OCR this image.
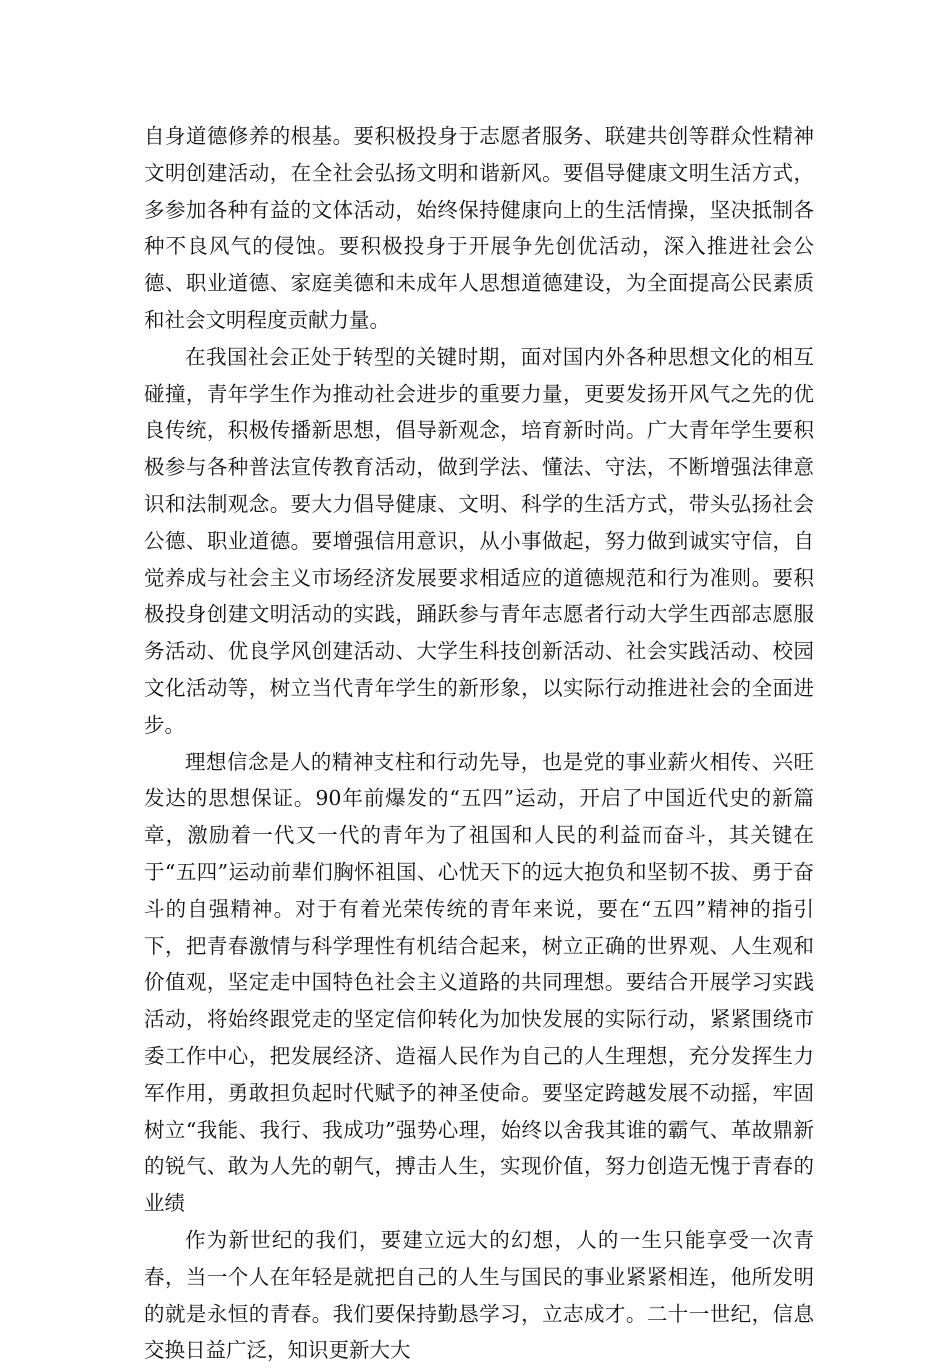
自身道德修养的根基。要积极投身于志愿者服务、联建共创等群众性精神文明创建活动，在全社会弘扬文明和谐新风。要倡导健康文明生活方式，多参加各种有益的文体活动，始终保持健康向上的生活情操，坚决抵制各种不良风气的侵蚀。要积极投身于开展争先创优活动，深入推进社会公德、职业道德、家庭美德和未成年人思想道德建设，为全面提高公民素质和社会文明程度贡献力量。

在我国社会正处于转型的关键时期，面对国内外各种思想文化的相互碰撞，青年学生作为推动社会进步的重要力量，更要发扬开风气之先的优良传统，积极传播新思想，倡导新观念，培育新时尚。广大青年学生要积极参与各种普法宣传教育活动，做到学法、懂法、守法，不断增强法律意识和法制观念。要大力倡导健康、文明、科学的生活方式，带头弘扬社会公德、职业道德。要增强信用意识，从小事做起，努力做到诚实守信，自觉养成与社会主义市场经济发展要求相适应的道德规范和行为准则。要积极投身创建文明活动的实践，踊跃参与青年志愿者行动大学生西部志愿服务活动、优良学风创建活动、大学生科技创新活动、社会实践活动、校园文化活动等，树立当代青年学生的新形象，以实际行动推进社会的全面进步。

理想信念是人的精神支柱和行动先导，也是党的事业薪火相传、兴旺发达的思想保证。90年前爆发的“五四”运动，开启了中国近代史的新篇章，激励着一代又一代的青年为了祖国和人民的利益而奋斗，其关键在于“五四”运动前辈们胸怀祖国、心忧天下的远大抱负和坚韧不拔、勇于奋斗的自强精神。对于有着光荣传统的青年来说，要在“五四”精神的指引下，把青春激情与科学理性有机结合起来，树立正确的世界观、人生观和价值观，坚定走中国特色社会主义道路的共同理想。要结合开展学习实践活动，将始终跟党走的坚定信仰转化为加快发展的实际行动，紧紧围绕市委工作中心，把发展经济、造福人民作为自己的人生理想，充分发挥生力军作用，勇敢担负起时代赋予的神圣使命。要坚定跨越发展不动摇，牢固树立“我能、我行、我成功”强势心理，始终以舍我其谁的霸气、革故鼎新的锐气、敢为人先的朝气，搏击人生，实现价值，努力创造无愧于青春的业绩

作为新世纪的我们，要建立远大的幻想，人的一生只能享受一次青春，当一个人在年轻是就把自己的人生与国民的事业紧紧相连，他所发明的就是永恒的青春。我们要保持勤恳学习，立志成才。二十一世纪，信息交换日益广泛，知识更新大大
